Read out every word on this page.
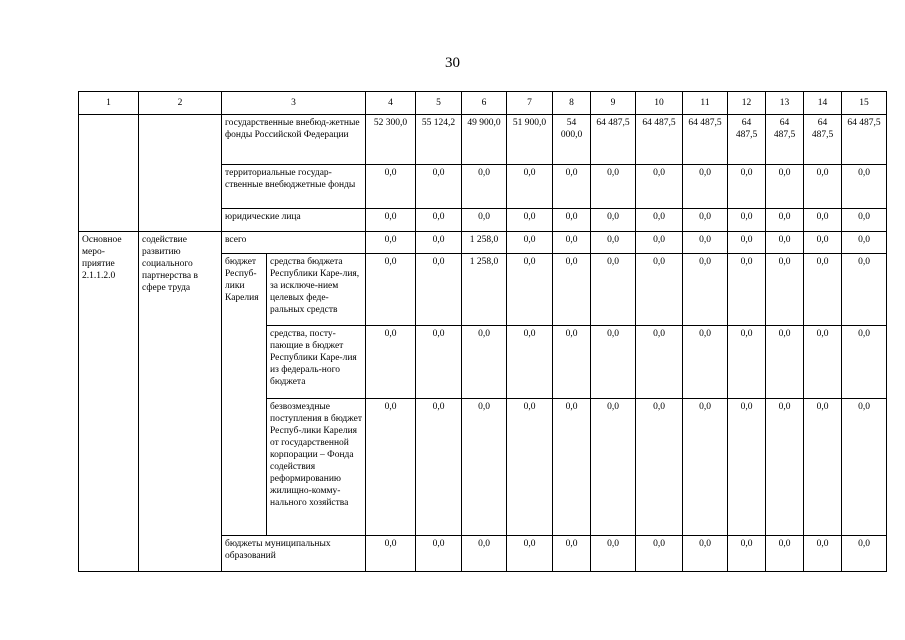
30
1	2	3		4	5	6	7	8	9	10	11	12	13	14	15
		государственные внебюд-жетные фонды Российской Федерации		52 300,0	55 124,2	49 900,0	51 900,0	54 000,0	64 487,5	64 487,5	64 487,5	64 487,5	64 487,5	64 487,5	64 487,5
		территориальные государ-ственные внебюджетные фонды		0,0	0,0	0,0	0,0	0,0	0,0	0,0	0,0	0,0	0,0	0,0	0,0
		юридические лица		0,0	0,0	0,0	0,0	0,0	0,0	0,0	0,0	0,0	0,0	0,0	0,0
Основное меро-приятие 2.1.1.2.0	содействие развитию социального партнерства в сфере труда	всего		0,0	0,0	1 258,0	0,0	0,0	0,0	0,0	0,0	0,0	0,0	0,0	0,0
		бюджет Респуб-лики Карелия	средства бюджета Республики Каре-лия, за исключе-нием целевых феде-ральных средств	0,0	0,0	1 258,0	0,0	0,0	0,0	0,0	0,0	0,0	0,0	0,0	0,0
			средства, посту-пающие в бюджет Республики Каре-лия из федераль-ного бюджета	0,0	0,0	0,0	0,0	0,0	0,0	0,0	0,0	0,0	0,0	0,0	0,0
			безвозмездные поступления в бюджет Респуб-лики Карелия от государственной корпорации – Фонда содействия реформированию жилищно-комму-нального хозяйства	0,0	0,0	0,0	0,0	0,0	0,0	0,0	0,0	0,0	0,0	0,0	0,0
		бюджеты муниципальных образований		0,0	0,0	0,0	0,0	0,0	0,0	0,0	0,0	0,0	0,0	0,0	0,0
